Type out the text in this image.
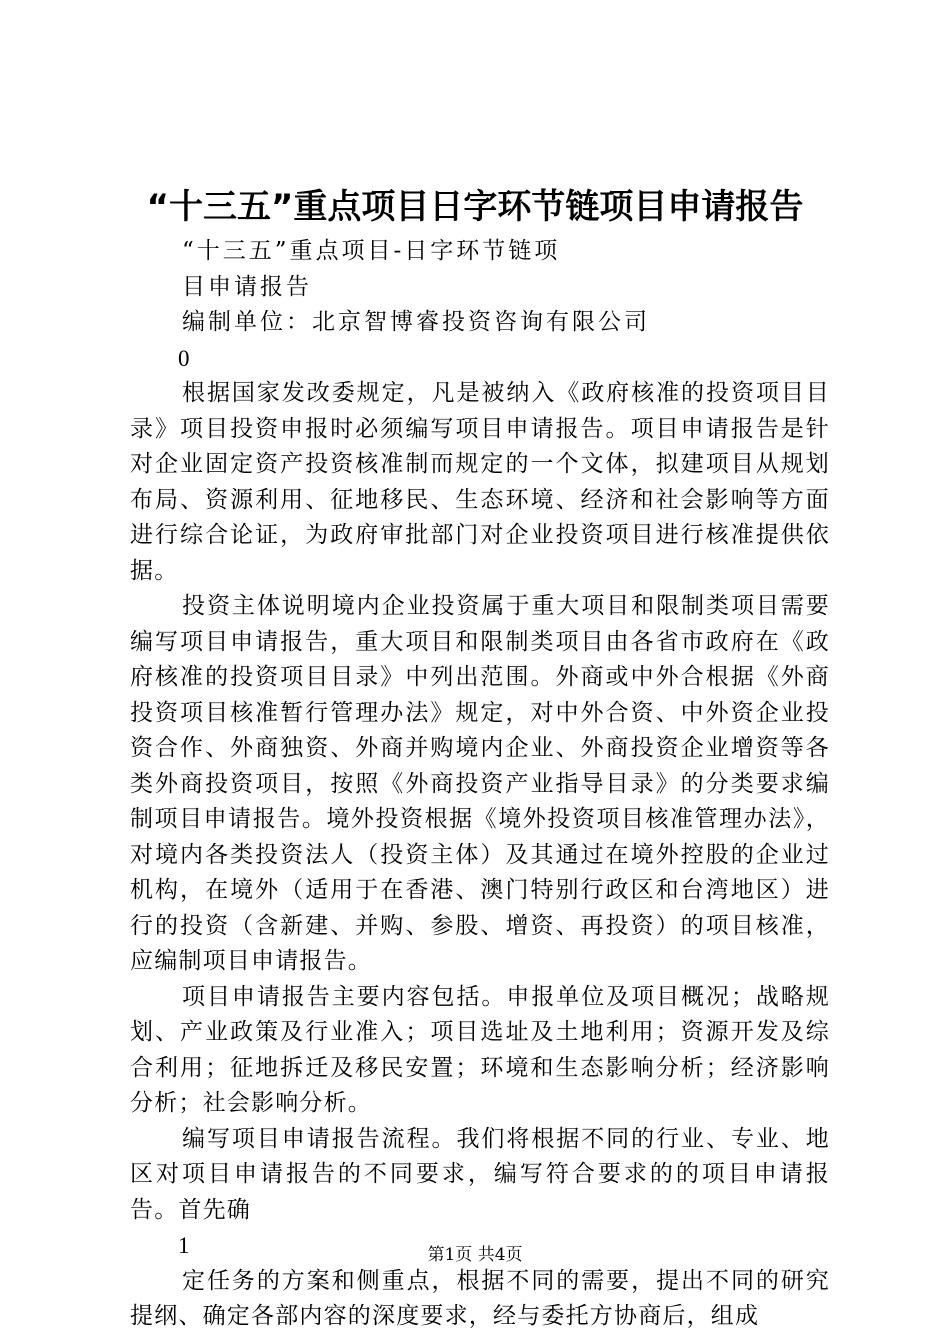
“十三五”重点项目日字环节链项目申请报告

“十三五”重点项目-日字环节链项

目申请报告

编制单位：北京智博睿投资咨询有限公司

0

根据国家发改委规定，凡是被纳入《政府核准的投资项目目录》项目投资申报时必须编写项目申请报告。项目申请报告是针对企业固定资产投资核准制而规定的一个文体，拟建项目从规划布局、资源利用、征地移民、生态环境、经济和社会影响等方面进行综合论证，为政府审批部门对企业投资项目进行核准提供依据。

投资主体说明境内企业投资属于重大项目和限制类项目需要编写项目申请报告，重大项目和限制类项目由各省市政府在《政府核准的投资项目目录》中列出范围。外商或中外合根据《外商投资项目核准暂行管理办法》规定，对中外合资、中外资企业投资合作、外商独资、外商并购境内企业、外商投资企业增资等各类外商投资项目，按照《外商投资产业指导目录》的分类要求编制项目申请报告。境外投资根据《境外投资项目核准管理办法》，对境内各类投资法人（投资主体）及其通过在境外控股的企业过机构，在境外（适用于在香港、澳门特别行政区和台湾地区）进行的投资（含新建、并购、参股、增资、再投资）的项目核准，应编制项目申请报告。

项目申请报告主要内容包括。申报单位及项目概况；战略规划、产业政策及行业准入；项目选址及土地利用；资源开发及综合利用；征地拆迁及移民安置；环境和生态影响分析；经济影响分析；社会影响分析。

编写项目申请报告流程。我们将根据不同的行业、专业、地区对项目申请报告的不同要求，编写符合要求的的项目申请报告。首先确

1

定任务的方案和侧重点，根据不同的需要，提出不同的研究提纲、确定各部内容的深度要求，经与委托方协商后，组成

第1页 共4页
